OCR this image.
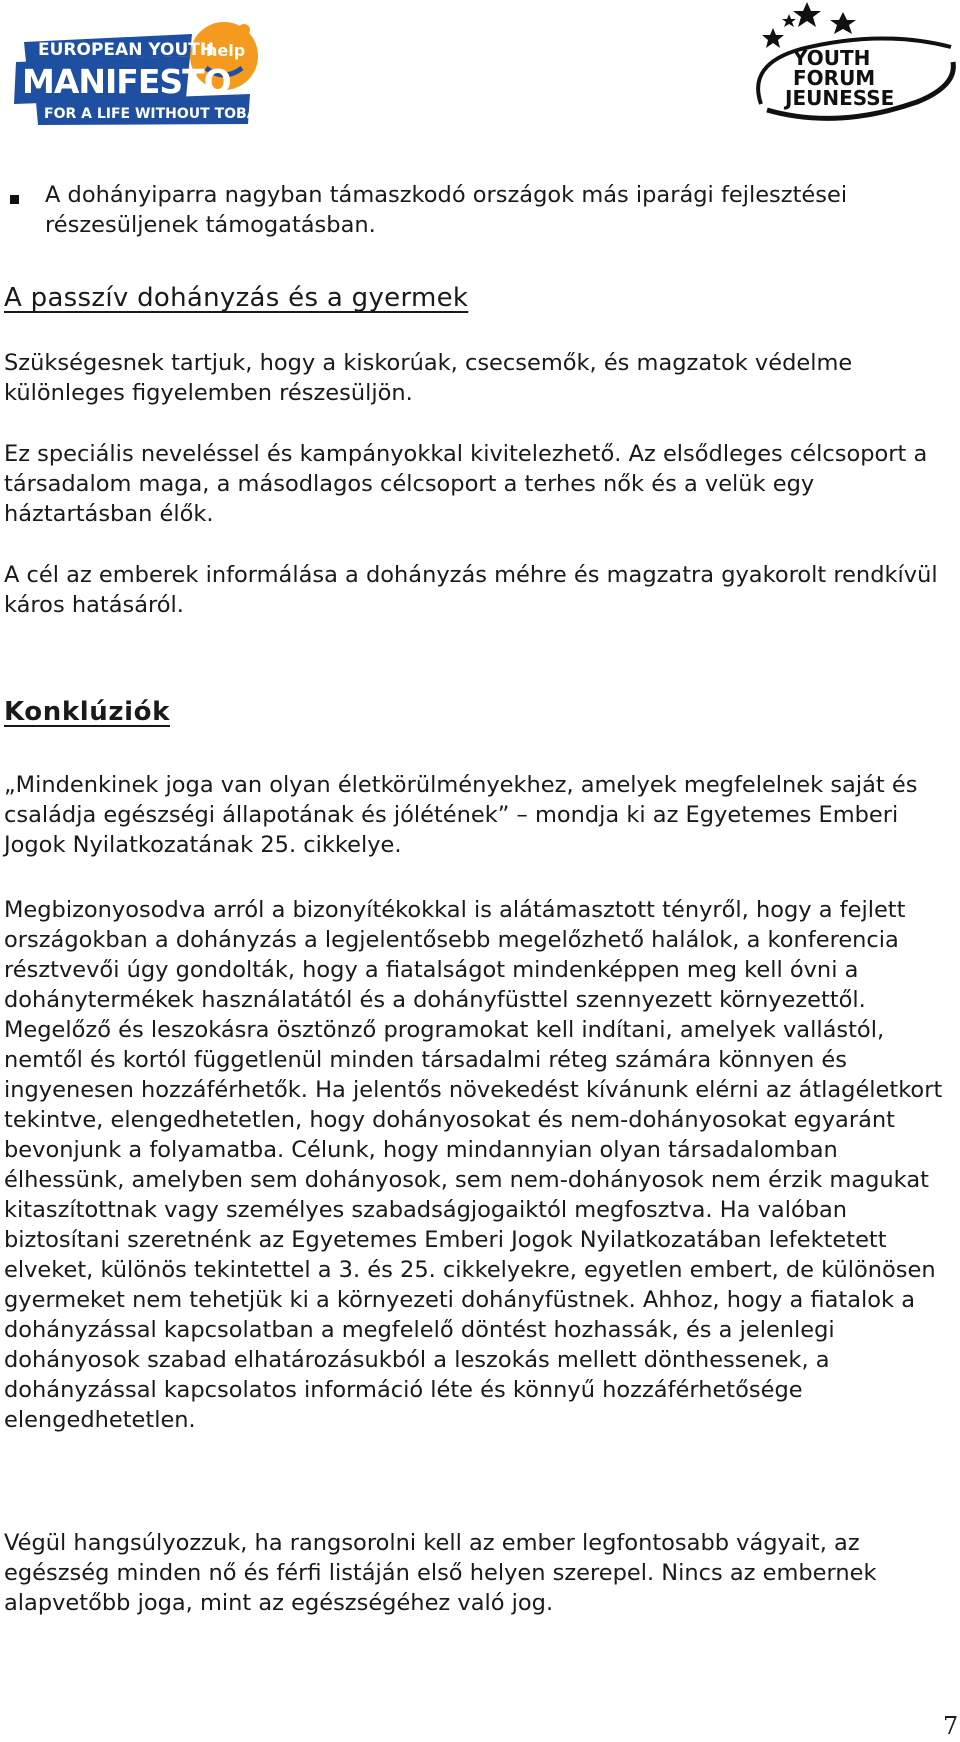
EUROPEAN YOUTH
MANIFESTO
FOR A LIFE WITHOUT TOBACCO
help	YOUTH
FORUM
JEUNESSE

A dohányiparra nagyban támaszkodó országok más iparági fejlesztései részesüljenek támogatásban.

A passzív dohányzás és a gyermek

Szükségesnek tartjuk, hogy a kiskorúak, csecsemők, és magzatok védelme különleges figyelemben részesüljön.

Ez speciális neveléssel és kampányokkal kivitelezhető. Az elsődleges célcsoport a társadalom maga, a másodlagos célcsoport a terhes nők és a velük egy háztartásban élők.

A cél az emberek informálása a dohányzás méhre és magzatra gyakorolt rendkívül káros hatásáról.

Konklúziók

„Mindenkinek joga van olyan életkörülményekhez, amelyek megfelelnek saját és családja egészségi állapotának és jólétének” – mondja ki az Egyetemes Emberi Jogok Nyilatkozatának 25. cikkelye.

Megbizonyosodva arról a bizonyítékokkal is alátámasztott tényről, hogy a fejlett országokban a dohányzás a legjelentősebb megelőzhető halálok, a konferencia résztvevői úgy gondolták, hogy a fiatalságot mindenképpen meg kell óvni a dohánytermékek használatától és a dohányfüsttel szennyezett környezettől. Megelőző és leszokásra ösztönző programokat kell indítani, amelyek vallástól, nemtől és kortól függetlenül minden társadalmi réteg számára könnyen és ingyenesen hozzáférhetők. Ha jelentős növekedést kívánunk elérni az átlagéletkort tekintve, elengedhetetlen, hogy dohányosokat és nem-dohányosokat egyaránt bevonjunk a folyamatba. Célunk, hogy mindannyian olyan társadalomban élhessünk, amelyben sem dohányosok, sem nem-dohányosok nem érzik magukat kitaszítottnak vagy személyes szabadságjogaiktól megfosztva. Ha valóban biztosítani szeretnénk az Egyetemes Emberi Jogok Nyilatkozatában lefektetett elveket, különös tekintettel a 3. és 25. cikkelyekre, egyetlen embert, de különösen gyermeket nem tehetjük ki a környezeti dohányfüstnek. Ahhoz, hogy a fiatalok a dohányzással kapcsolatban a megfelelő döntést hozhassák, és a jelenlegi dohányosok szabad elhatározásukból a leszokás mellett dönthessenek, a dohányzással kapcsolatos információ léte és könnyű hozzáférhetősége elengedhetetlen.

Végül hangsúlyozzuk, ha rangsorolni kell az ember legfontosabb vágyait, az egészség minden nő és férfi listáján első helyen szerepel. Nincs az embernek alapvetőbb joga, mint az egészségéhez való jog.

7
